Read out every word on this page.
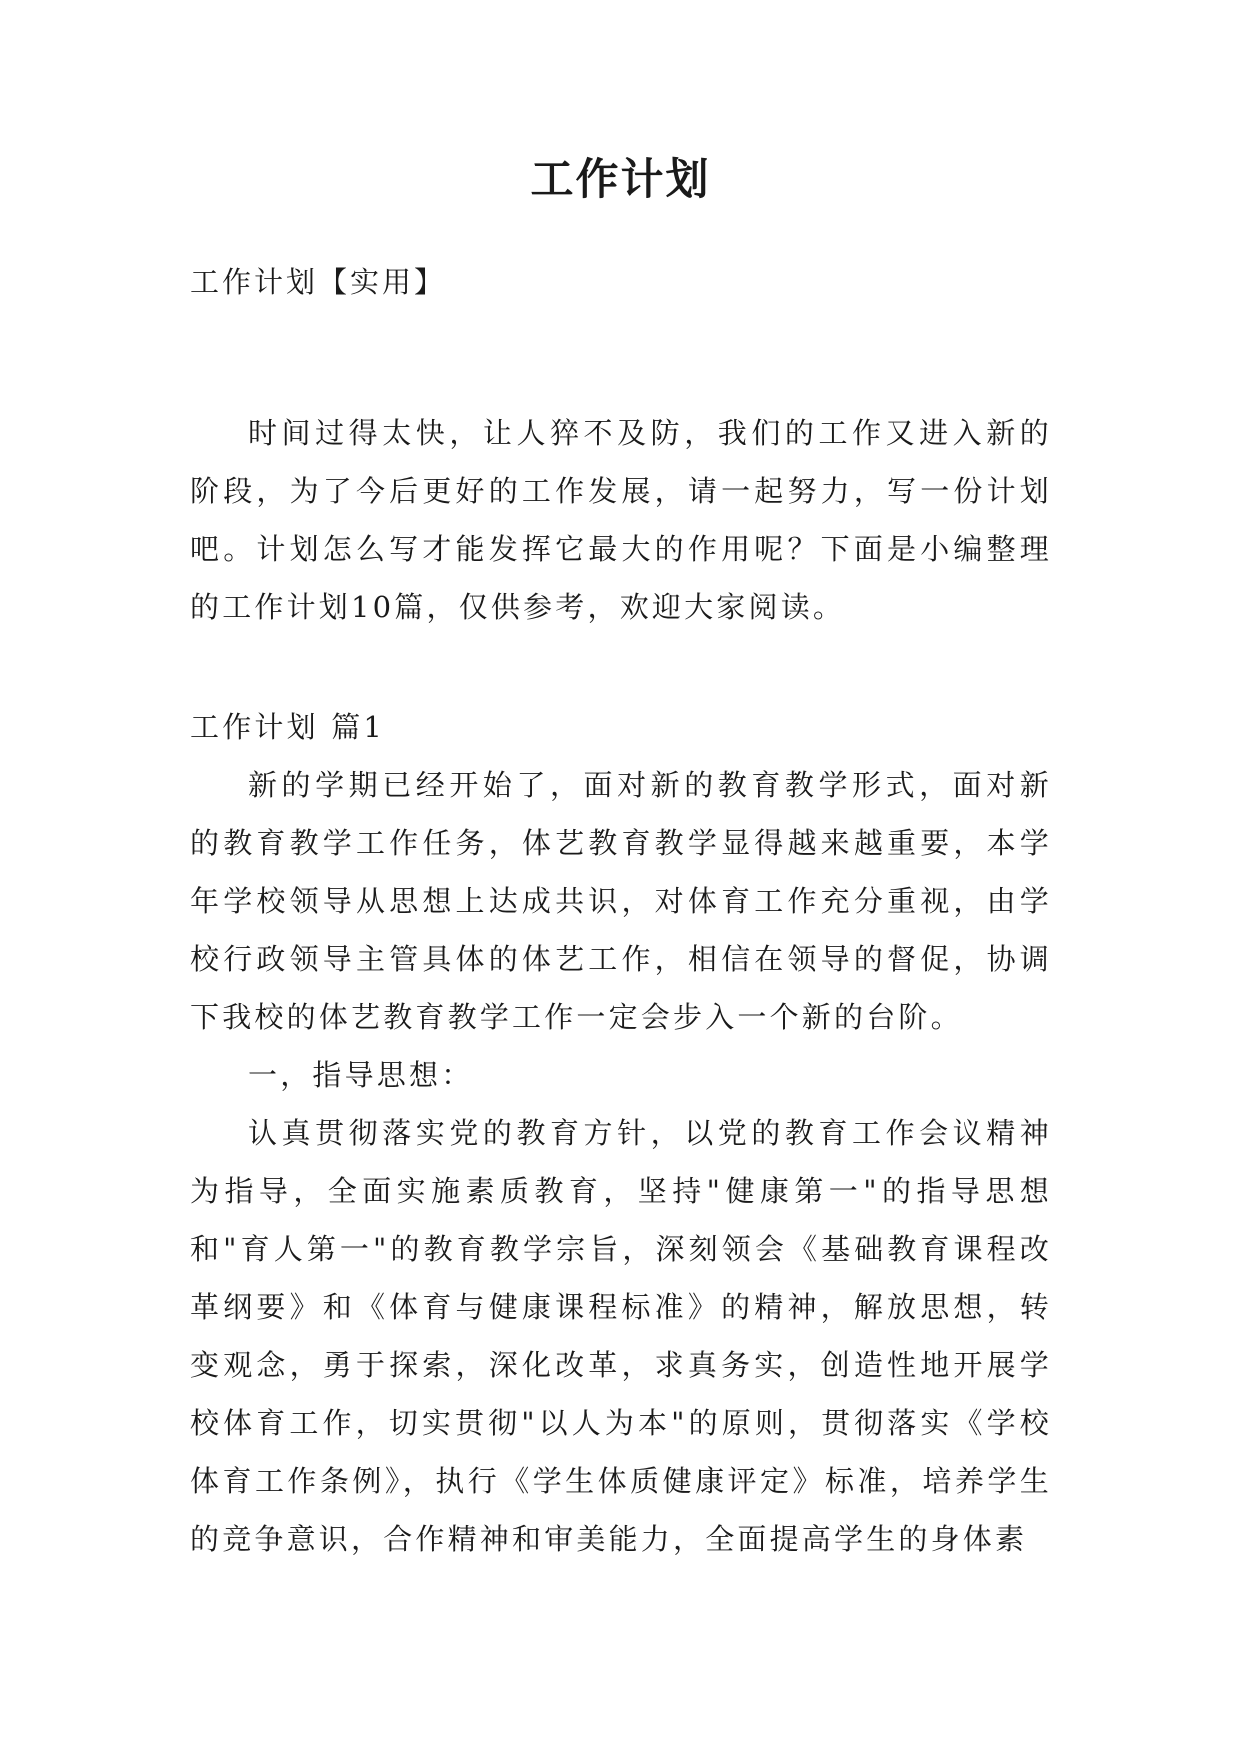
工作计划
工作计划【实用】

时间过得太快，让人猝不及防，我们的工作又进入新的阶段，为了今后更好的工作发展，请一起努力，写一份计划吧。计划怎么写才能发挥它最大的作用呢？下面是小编整理的工作计划10篇，仅供参考，欢迎大家阅读。

工作计划 篇1

新的学期已经开始了，面对新的教育教学形式，面对新的教育教学工作任务，体艺教育教学显得越来越重要，本学年学校领导从思想上达成共识，对体育工作充分重视，由学校行政领导主管具体的体艺工作，相信在领导的督促，协调下我校的体艺教育教学工作一定会步入一个新的台阶。

一，指导思想：

认真贯彻落实党的教育方针，以党的教育工作会议精神为指导，全面实施素质教育，坚持"健康第一"的指导思想和"育人第一"的教育教学宗旨，深刻领会《基础教育课程改革纲要》和《体育与健康课程标准》的精神，解放思想，转变观念，勇于探索，深化改革，求真务实，创造性地开展学校体育工作，切实贯彻"以人为本"的原则，贯彻落实《学校体育工作条例》，执行《学生体质健康评定》标准，培养学生的竞争意识，合作精神和审美能力，全面提高学生的身体素
